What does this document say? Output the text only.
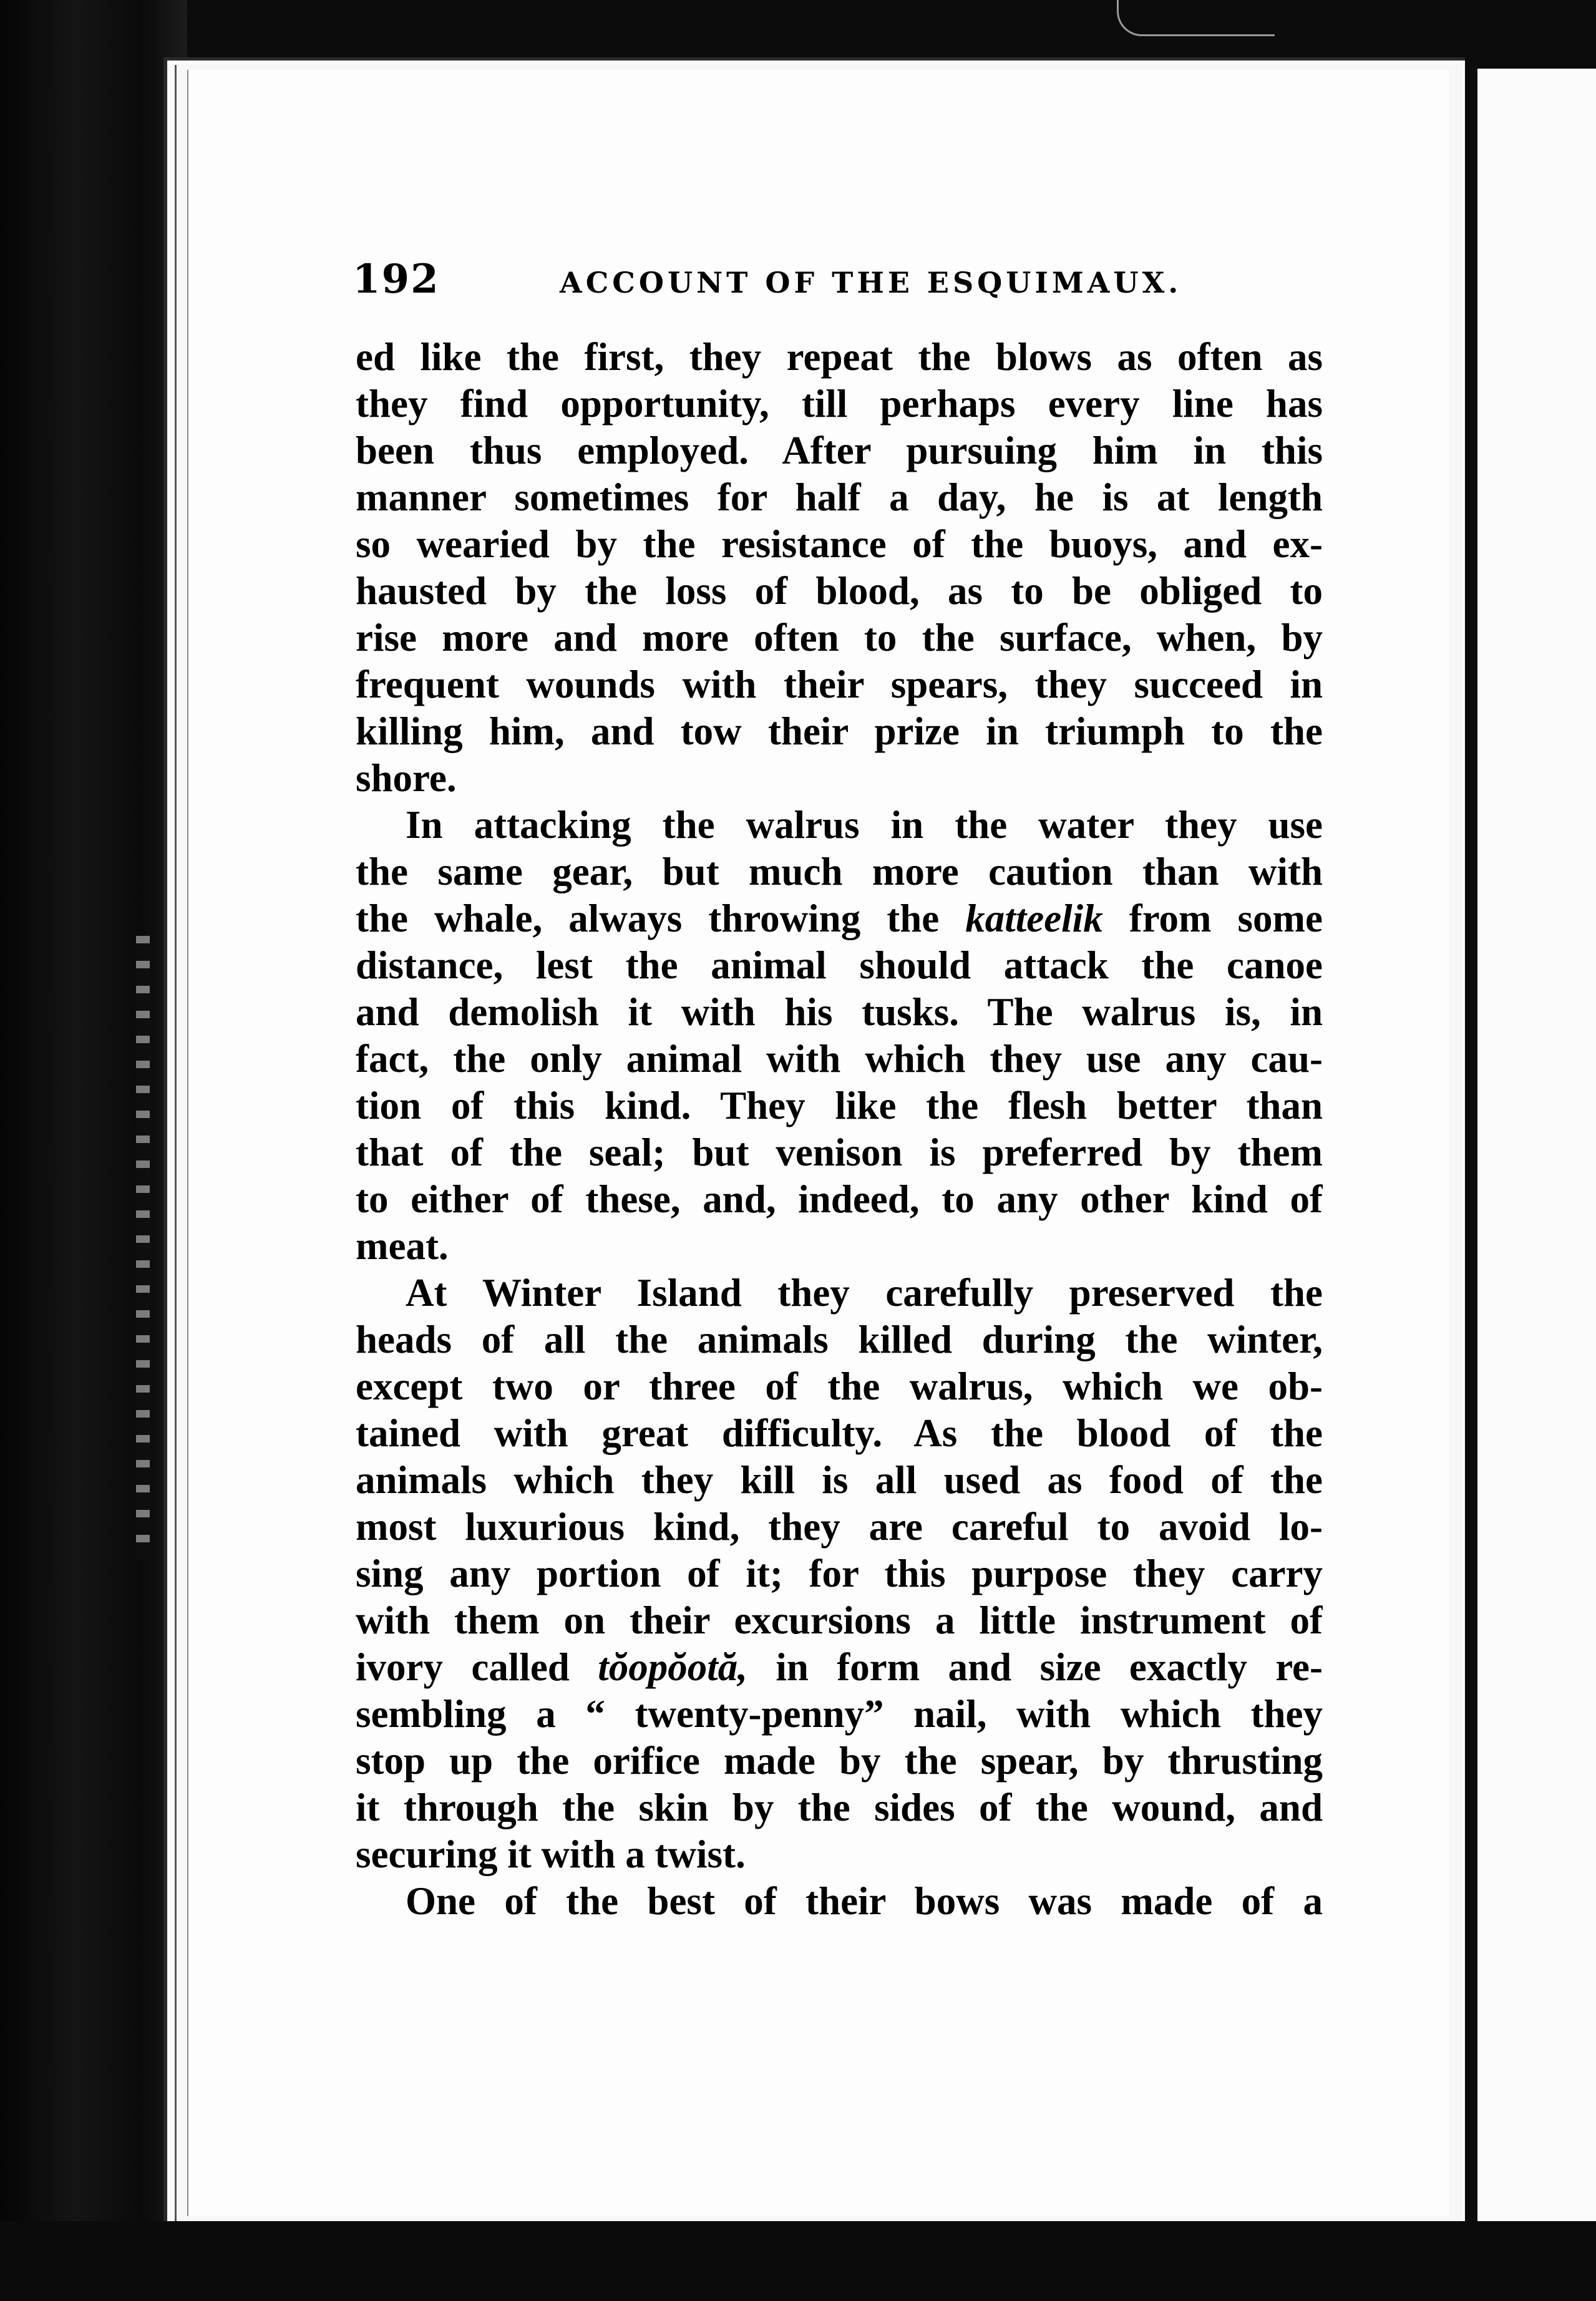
192	ACCOUNT OF THE ESQUIMAUX.
ed like the first, they repeat the blows as often as
they find opportunity, till perhaps every line has
been thus employed. After pursuing him in this
manner sometimes for half a day, he is at length
so wearied by the resistance of the buoys, and ex-
hausted by the loss of blood, as to be obliged to
rise more and more often to the surface, when, by
frequent wounds with their spears, they succeed in
killing him, and tow their prize in triumph to the
shore.
In attacking the walrus in the water they use
the same gear, but much more caution than with
the whale, always throwing the katteelik from some
distance, lest the animal should attack the canoe
and demolish it with his tusks. The walrus is, in
fact, the only animal with which they use any cau-
tion of this kind. They like the flesh better than
that of the seal; but venison is preferred by them
to either of these, and, indeed, to any other kind of
meat.
At Winter Island they carefully preserved the
heads of all the animals killed during the winter,
except two or three of the walrus, which we ob-
tained with great difficulty. As the blood of the
animals which they kill is all used as food of the
most luxurious kind, they are careful to avoid lo-
sing any portion of it; for this purpose they carry
with them on their excursions a little instrument of
ivory called tŏopŏotă, in form and size exactly re-
sembling a “ twenty-penny” nail, with which they
stop up the orifice made by the spear, by thrusting
it through the skin by the sides of the wound, and
securing it with a twist.
One of the best of their bows was made of a
